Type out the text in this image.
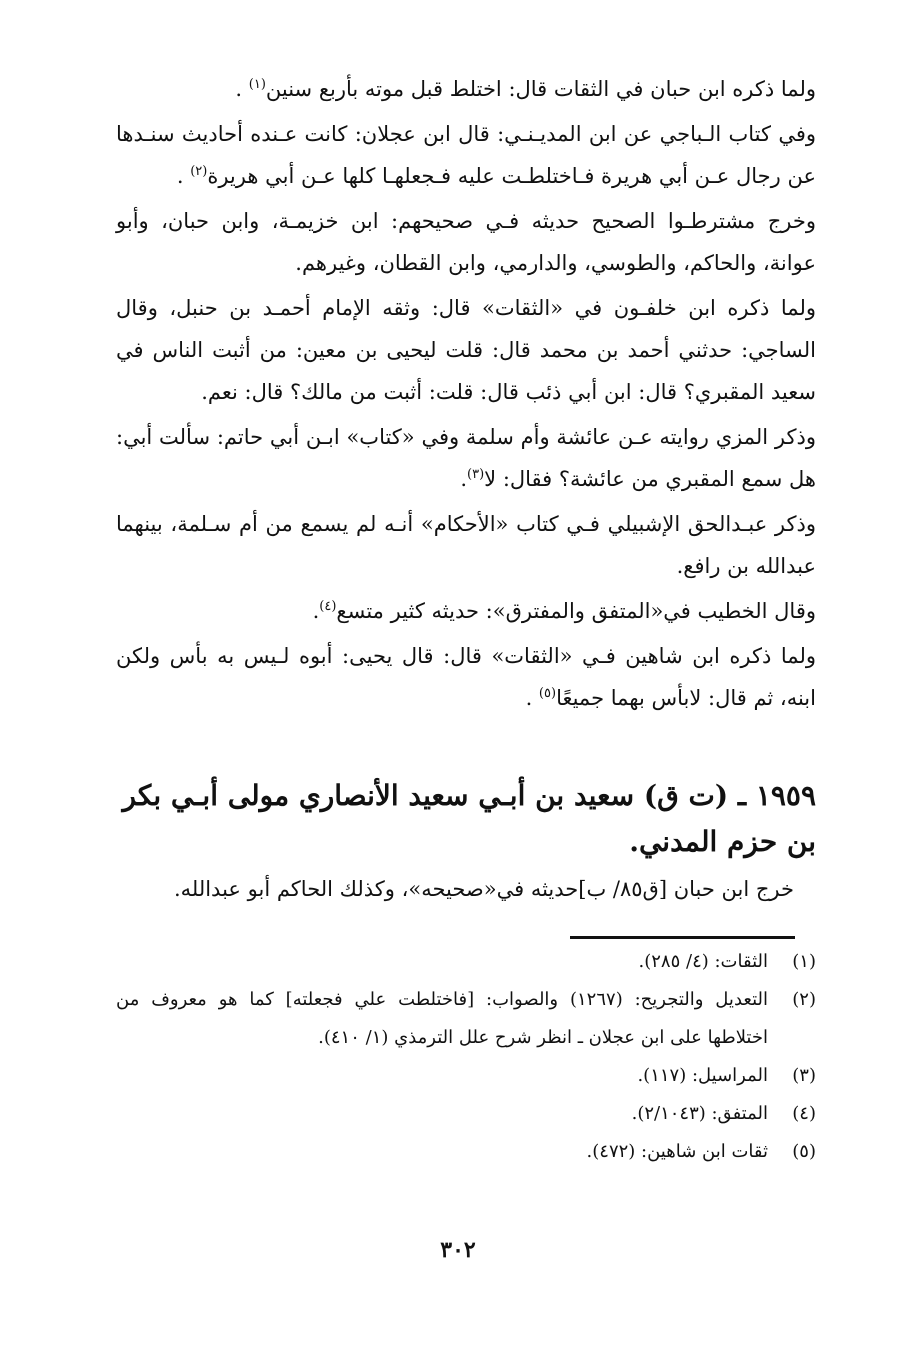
ولما ذكره ابن حبان في الثقات قال: اختلط قبل موته بأربع سنين$^{(١)}$ .

وفي كتاب الـباجي عن ابن المديـنـي: قال ابن عجلان: كانت عـنده أحاديث سنـدها عن رجال عـن أبي هريرة فـاختلطـت عليه فـجعلهـا كلها عـن أبي هريرة$^{(٢)}$ .

وخرج مشترطـوا الصحيح حديثه فـي صحيحهم: ابن خزيمـة، وابن حبان، وأبو عوانة، والحاكم، والطوسي، والدارمي، وابن القطان، وغيرهم.

ولما ذكره ابن خلفـون في «الثقات» قال: وثقه الإمام أحمـد بن حنبل، وقال الساجي: حدثني أحمد بن محمد قال: قلت ليحيى بن معين: من أثبت الناس في سعيد المقبري؟ قال: ابن أبي ذئب قال: قلت: أثبت من مالك؟ قال: نعم.

وذكر المزي روايته عـن عائشة وأم سلمة وفي «كتاب» ابـن أبي حاتم: سألت أبي: هل سمع المقبري من عائشة؟ فقال: لا$^{(٣)}$.

وذكر عبـدالحق الإشبيلي فـي كتاب «الأحكام» أنـه لم يسمع من أم سـلمة، بينهما عبدالله بن رافع.

وقال الخطيب في«المتفق والمفترق»: حديثه كثير متسع$^{(٤)}$.

ولما ذكره ابن شاهين فـي «الثقات» قال: قال يحيى: أبوه لـيس به بأس ولكن ابنه، ثم قال: لابأس بهما جميعًا$^{(٥)}$ .

١٩٥٩ ـ (ت ق) سعيد بن أبـي سعيد الأنصاري مولى أبـي بكر بن حزم المدني.

خرج ابن حبان [ق٨٥/ ب]حديثه في«صحيحه»، وكذلك الحاكم أبو عبدالله.

(١)
الثقات: (٤/ ٢٨٥).
(٢)
التعديل والتجريح: (١٢٦٧) والصواب: [فاختلطت علي فجعلته] كما هو معروف من اختلاطها على ابن عجلان ـ انظر شرح علل الترمذي (١/ ٤١٠).
(٣)
المراسيل: (١١٧).
(٤)
المتفق: (٢/١٠٤٣).
(٥)
ثقات ابن شاهين: (٤٧٢).
٣٠٢
